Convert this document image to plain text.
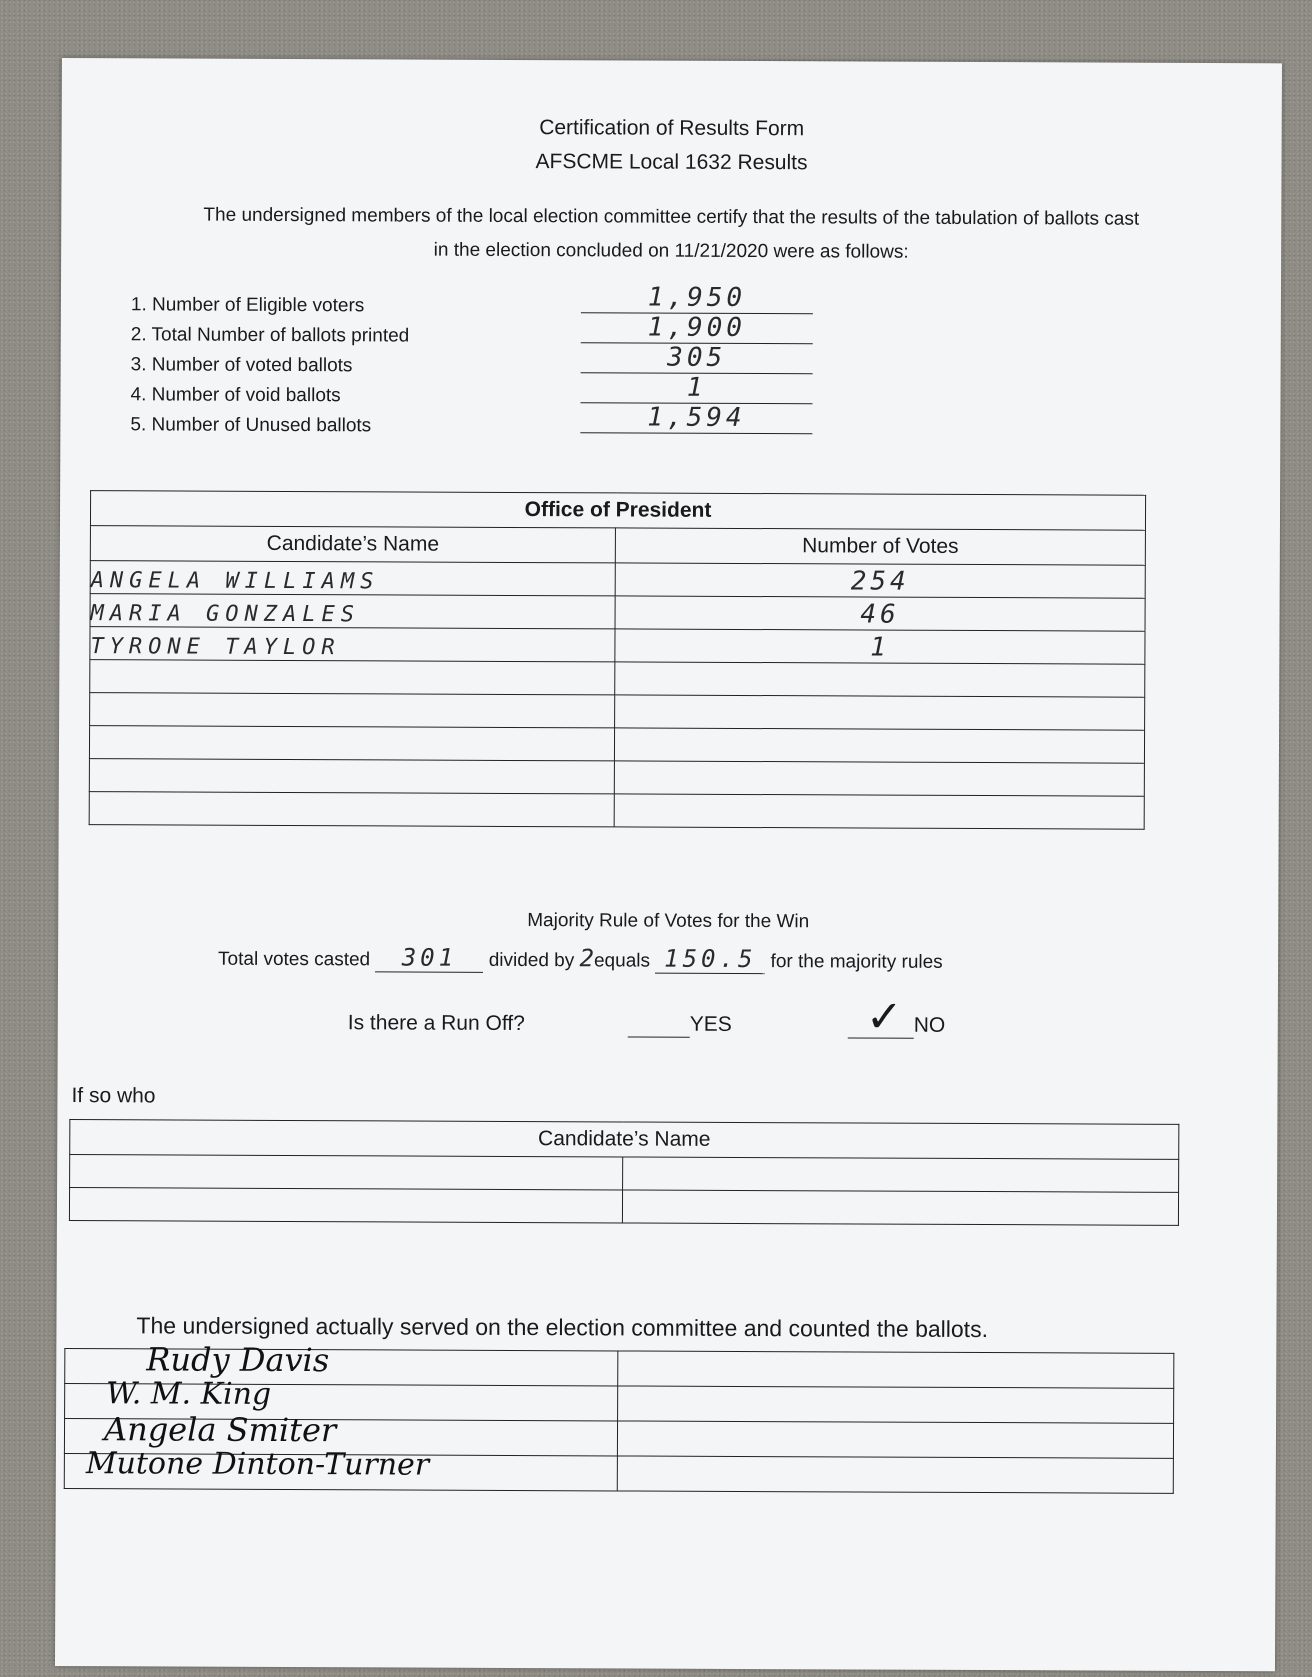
Certification of Results Form
AFSCME Local 1632 Results
The undersigned members of the local election committee certify that the results of the tabulation of ballots cast
in the election concluded on 11/21/2020 were as follows:
1. Number of Eligible voters	1,950
2. Total Number of ballots printed	1,900
3. Number of voted ballots	305
4. Number of void ballots	1
5. Number of Unused ballots	1,594
Office of President	
Candidate’s Name	Number of Votes
ANGELA WILLIAMS	254
MARIA GONZALES	46
TYRONE TAYLOR	1

Majority Rule of Votes for the Win
Total votes casted 301 divided by 2equals 150.5 for the majority rules
Is there a Run Off?	YES	✓ NO
If so who
Candidate’s Name	

The undersigned actually served on the election committee and counted the ballots.

Rudy Davis
W. M. King
Angela Smiter
Mutone Dinton-Turner
